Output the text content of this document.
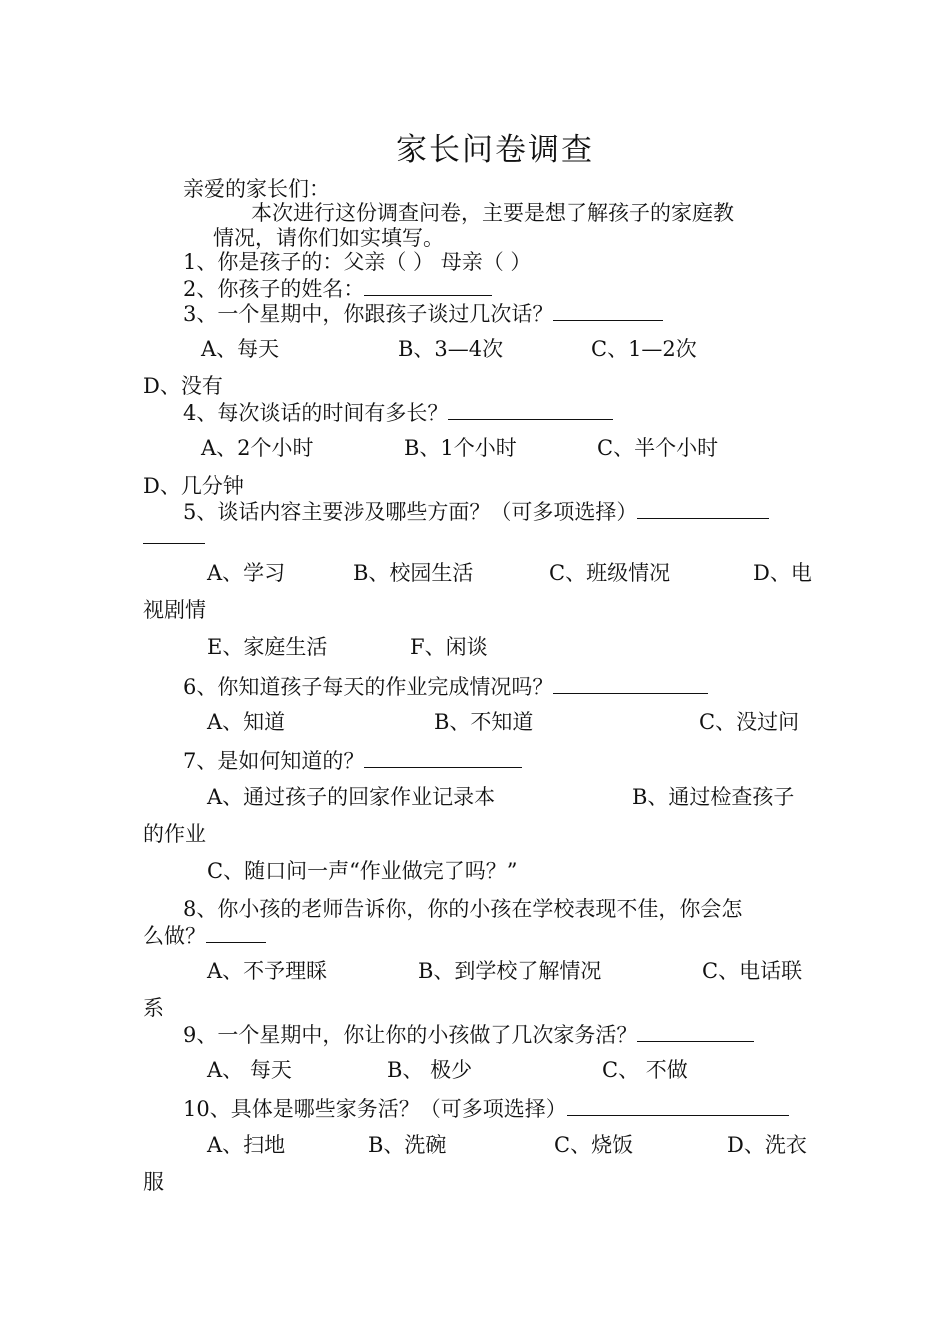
家长问卷调查
亲爱的家长们：
本次进行这份调查问卷，主要是想了解孩子的家庭教
情况，请你们如实填写。
1、你是孩子的：父亲（ ） 母亲（ ）
2、你孩子的姓名：
3、一个星期中，你跟孩子谈过几次话？
A、每天	B、3—4次	C、1—2次
D、没有
4、每次谈话的时间有多长？
A、2个小时	B、1个小时	C、半个小时
D、几分钟
5、谈话内容主要涉及哪些方面？（可多项选择）
A、学习	B、校园生活	C、班级情况	D、电
视剧情
E、家庭生活	F、闲谈
6、你知道孩子每天的作业完成情况吗？
A、知道	B、不知道	C、没过问
7、是如何知道的？
A、通过孩子的回家作业记录本	B、通过检查孩子
的作业
C、随口问一声“作业做完了吗？”
8、你小孩的老师告诉你，你的小孩在学校表现不佳，你会怎
么做？
A、不予理睬	B、到学校了解情况	C、电话联
系
9、一个星期中，你让你的小孩做了几次家务活？
A、 每天	B、 极少	C、 不做
10、具体是哪些家务活？（可多项选择）
A、扫地	B、洗碗	C、烧饭	D、洗衣
服
